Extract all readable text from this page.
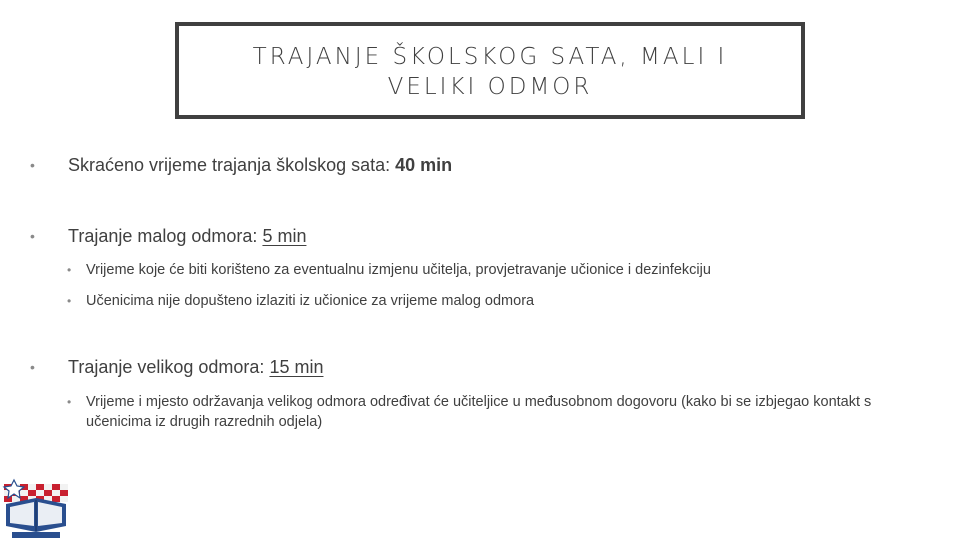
TRAJANJE ŠKOLSKOG SATA, MALI I
VELIKI ODMOR
•	Skraćeno vrijeme trajanja školskog sata: 40 min
•	Trajanje malog odmora: 5 min
•	Vrijeme koje će biti korišteno za eventualnu izmjenu učitelja, provjetravanje učionice i dezinfekciju
•	Učenicima nije dopušteno izlaziti iz učionice za vrijeme malog odmora
•	Trajanje velikog odmora: 15 min
•	Vrijeme i mjesto održavanja velikog odmora određivat će učiteljice u međusobnom dogovoru (kako bi se izbjegao kontakt s učenicima iz drugih razrednih odjela)
